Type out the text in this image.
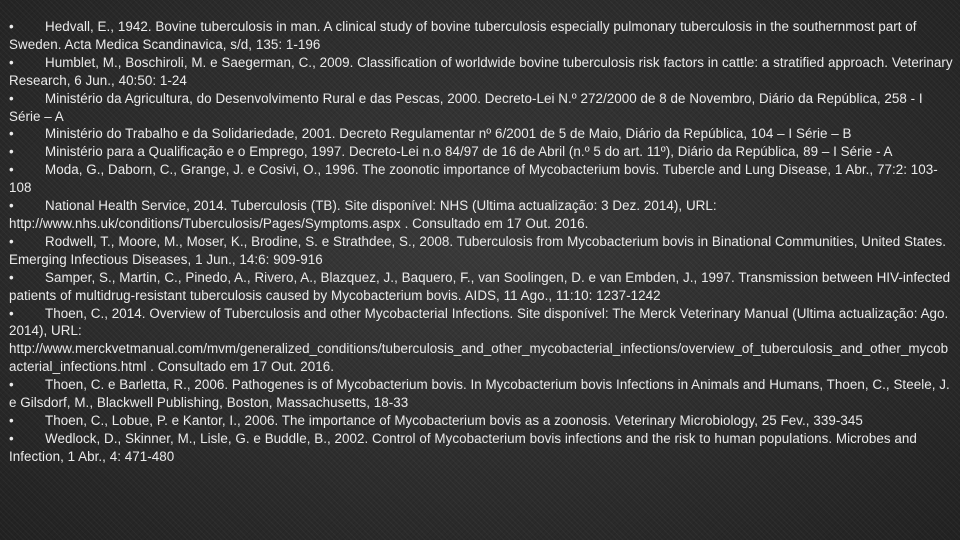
• Hedvall, E., 1942. Bovine tuberculosis in man. A clinical study of bovine tuberculosis especially pulmonary tuberculosis in the southernmost part of Sweden. Acta Medica Scandinavica, s/d, 135: 1-196
• Humblet, M., Boschiroli, M. e Saegerman, C., 2009. Classification of worldwide bovine tuberculosis risk factors in cattle: a stratified approach. Veterinary Research, 6 Jun., 40:50: 1-24
• Ministério da Agricultura, do Desenvolvimento Rural e das Pescas, 2000. Decreto-Lei N.º 272/2000 de 8 de Novembro, Diário da República, 258 - I Série – A
• Ministério do Trabalho e da Solidariedade, 2001. Decreto Regulamentar nº 6/2001 de 5 de Maio, Diário da República, 104 – I Série – B
• Ministério para a Qualificação e o Emprego, 1997. Decreto-Lei n.o 84/97 de 16 de Abril (n.º 5 do art. 11º), Diário da República, 89 – I Série - A
• Moda, G., Daborn, C., Grange, J. e Cosivi, O., 1996. The zoonotic importance of Mycobacterium bovis. Tubercle and Lung Disease, 1 Abr., 77:2: 103-108
• National Health Service, 2014. Tuberculosis (TB). Site disponível: NHS (Ultima actualização: 3 Dez. 2014), URL: http://www.nhs.uk/conditions/Tuberculosis/Pages/Symptoms.aspx . Consultado em 17 Out. 2016.
• Rodwell, T., Moore, M., Moser, K., Brodine, S. e Strathdee, S., 2008. Tuberculosis from Mycobacterium bovis in Binational Communities, United States. Emerging Infectious Diseases, 1 Jun., 14:6: 909-916
• Samper, S., Martin, C., Pinedo, A., Rivero, A., Blazquez, J., Baquero, F., van Soolingen, D. e van Embden, J., 1997. Transmission between HIV-infected patients of multidrug-resistant tuberculosis caused by Mycobacterium bovis. AIDS, 11 Ago., 11:10: 1237-1242
• Thoen, C., 2014. Overview of Tuberculosis and other Mycobacterial Infections. Site disponível: The Merck Veterinary Manual (Ultima actualização: Ago. 2014), URL: http://www.merckvetmanual.com/mvm/generalized_conditions/tuberculosis_and_other_mycobacterial_infections/overview_of_tuberculosis_and_other_mycobacterial_infections.html . Consultado em 17 Out. 2016.
• Thoen, C. e Barletta, R., 2006. Pathogenes is of Mycobacterium bovis. In Mycobacterium bovis Infections in Animals and Humans, Thoen, C., Steele, J. e Gilsdorf, M., Blackwell Publishing, Boston, Massachusetts, 18-33
• Thoen, C., Lobue, P. e Kantor, I., 2006. The importance of Mycobacterium bovis as a zoonosis. Veterinary Microbiology, 25 Fev., 339-345
• Wedlock, D., Skinner, M., Lisle, G. e Buddle, B., 2002. Control of Mycobacterium bovis infections and the risk to human populations. Microbes and Infection, 1 Abr., 4: 471-480
